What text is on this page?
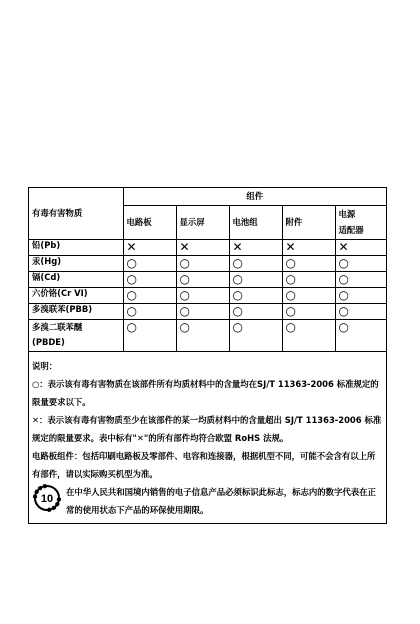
有毒有害物质	组件				
	电路板	显示屏	电池组	附件	电源
适配器
铅(Pb)	✕	✕	✕	✕	✕
汞(Hg)	○	○	○	○	○
镉(Cd)	○	○	○	○	○
六价铬(Cr VI)	○	○	○	○	○
多溴联苯(PBB)	○	○	○	○	○
多溴二联苯醚
(PBDE)	○	○	○	○	○

说明：

○：表示该有毒有害物质在该部件所有均质材料中的含量均在SJ/T 11363-2006 标准规定的限量要求以下。

✕：表示该有毒有害物质至少在该部件的某一均质材料中的含量超出 SJ/T 11363-2006 标准规定的限量要求。表中标有"✕"的所有部件均符合欧盟 RoHS 法规。

电路板组件：包括印刷电路板及零部件、电容和连接器，根据机型不同，可能不会含有以上所有部件，请以实际购买机型为准。

10

在中华人民共和国境内销售的电子信息产品必须标识此标志，标志内的数字代表在正常的使用状态下产品的环保使用期限。
